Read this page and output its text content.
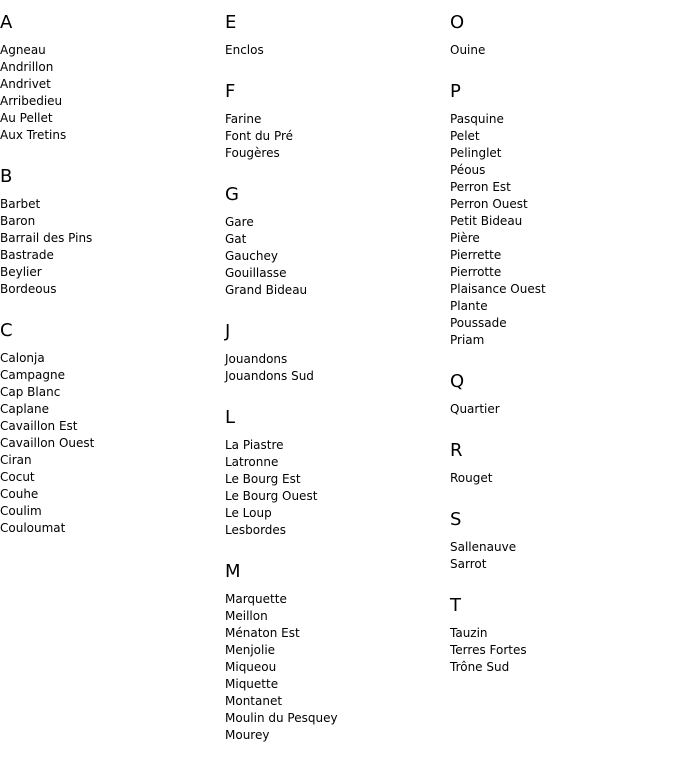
A
Agneau
Andrillon
Andrivet
Arribedieu
Au Pellet
Aux Tretins
B
Barbet
Baron
Barrail des Pins
Bastrade
Beylier
Bordeous
C
Calonja
Campagne
Cap Blanc
Caplane
Cavaillon Est
Cavaillon Ouest
Ciran
Cocut
Couhe
Coulim
Couloumat
E
Enclos
F
Farine
Font du Pré
Fougères
G
Gare
Gat
Gauchey
Gouillasse
Grand Bideau
J
Jouandons
Jouandons Sud
L
La Piastre
Latronne
Le Bourg Est
Le Bourg Ouest
Le Loup
Lesbordes
M
Marquette
Meillon
Ménaton Est
Menjolie
Miqueou
Miquette
Montanet
Moulin du Pesquey
Mourey
O
Ouine
P
Pasquine
Pelet
Pelinglet
Péous
Perron Est
Perron Ouest
Petit Bideau
Pière
Pierrette
Pierrotte
Plaisance Ouest
Plante
Poussade
Priam
Q
Quartier
R
Rouget
S
Sallenauve
Sarrot
T
Tauzin
Terres Fortes
Trône Sud
